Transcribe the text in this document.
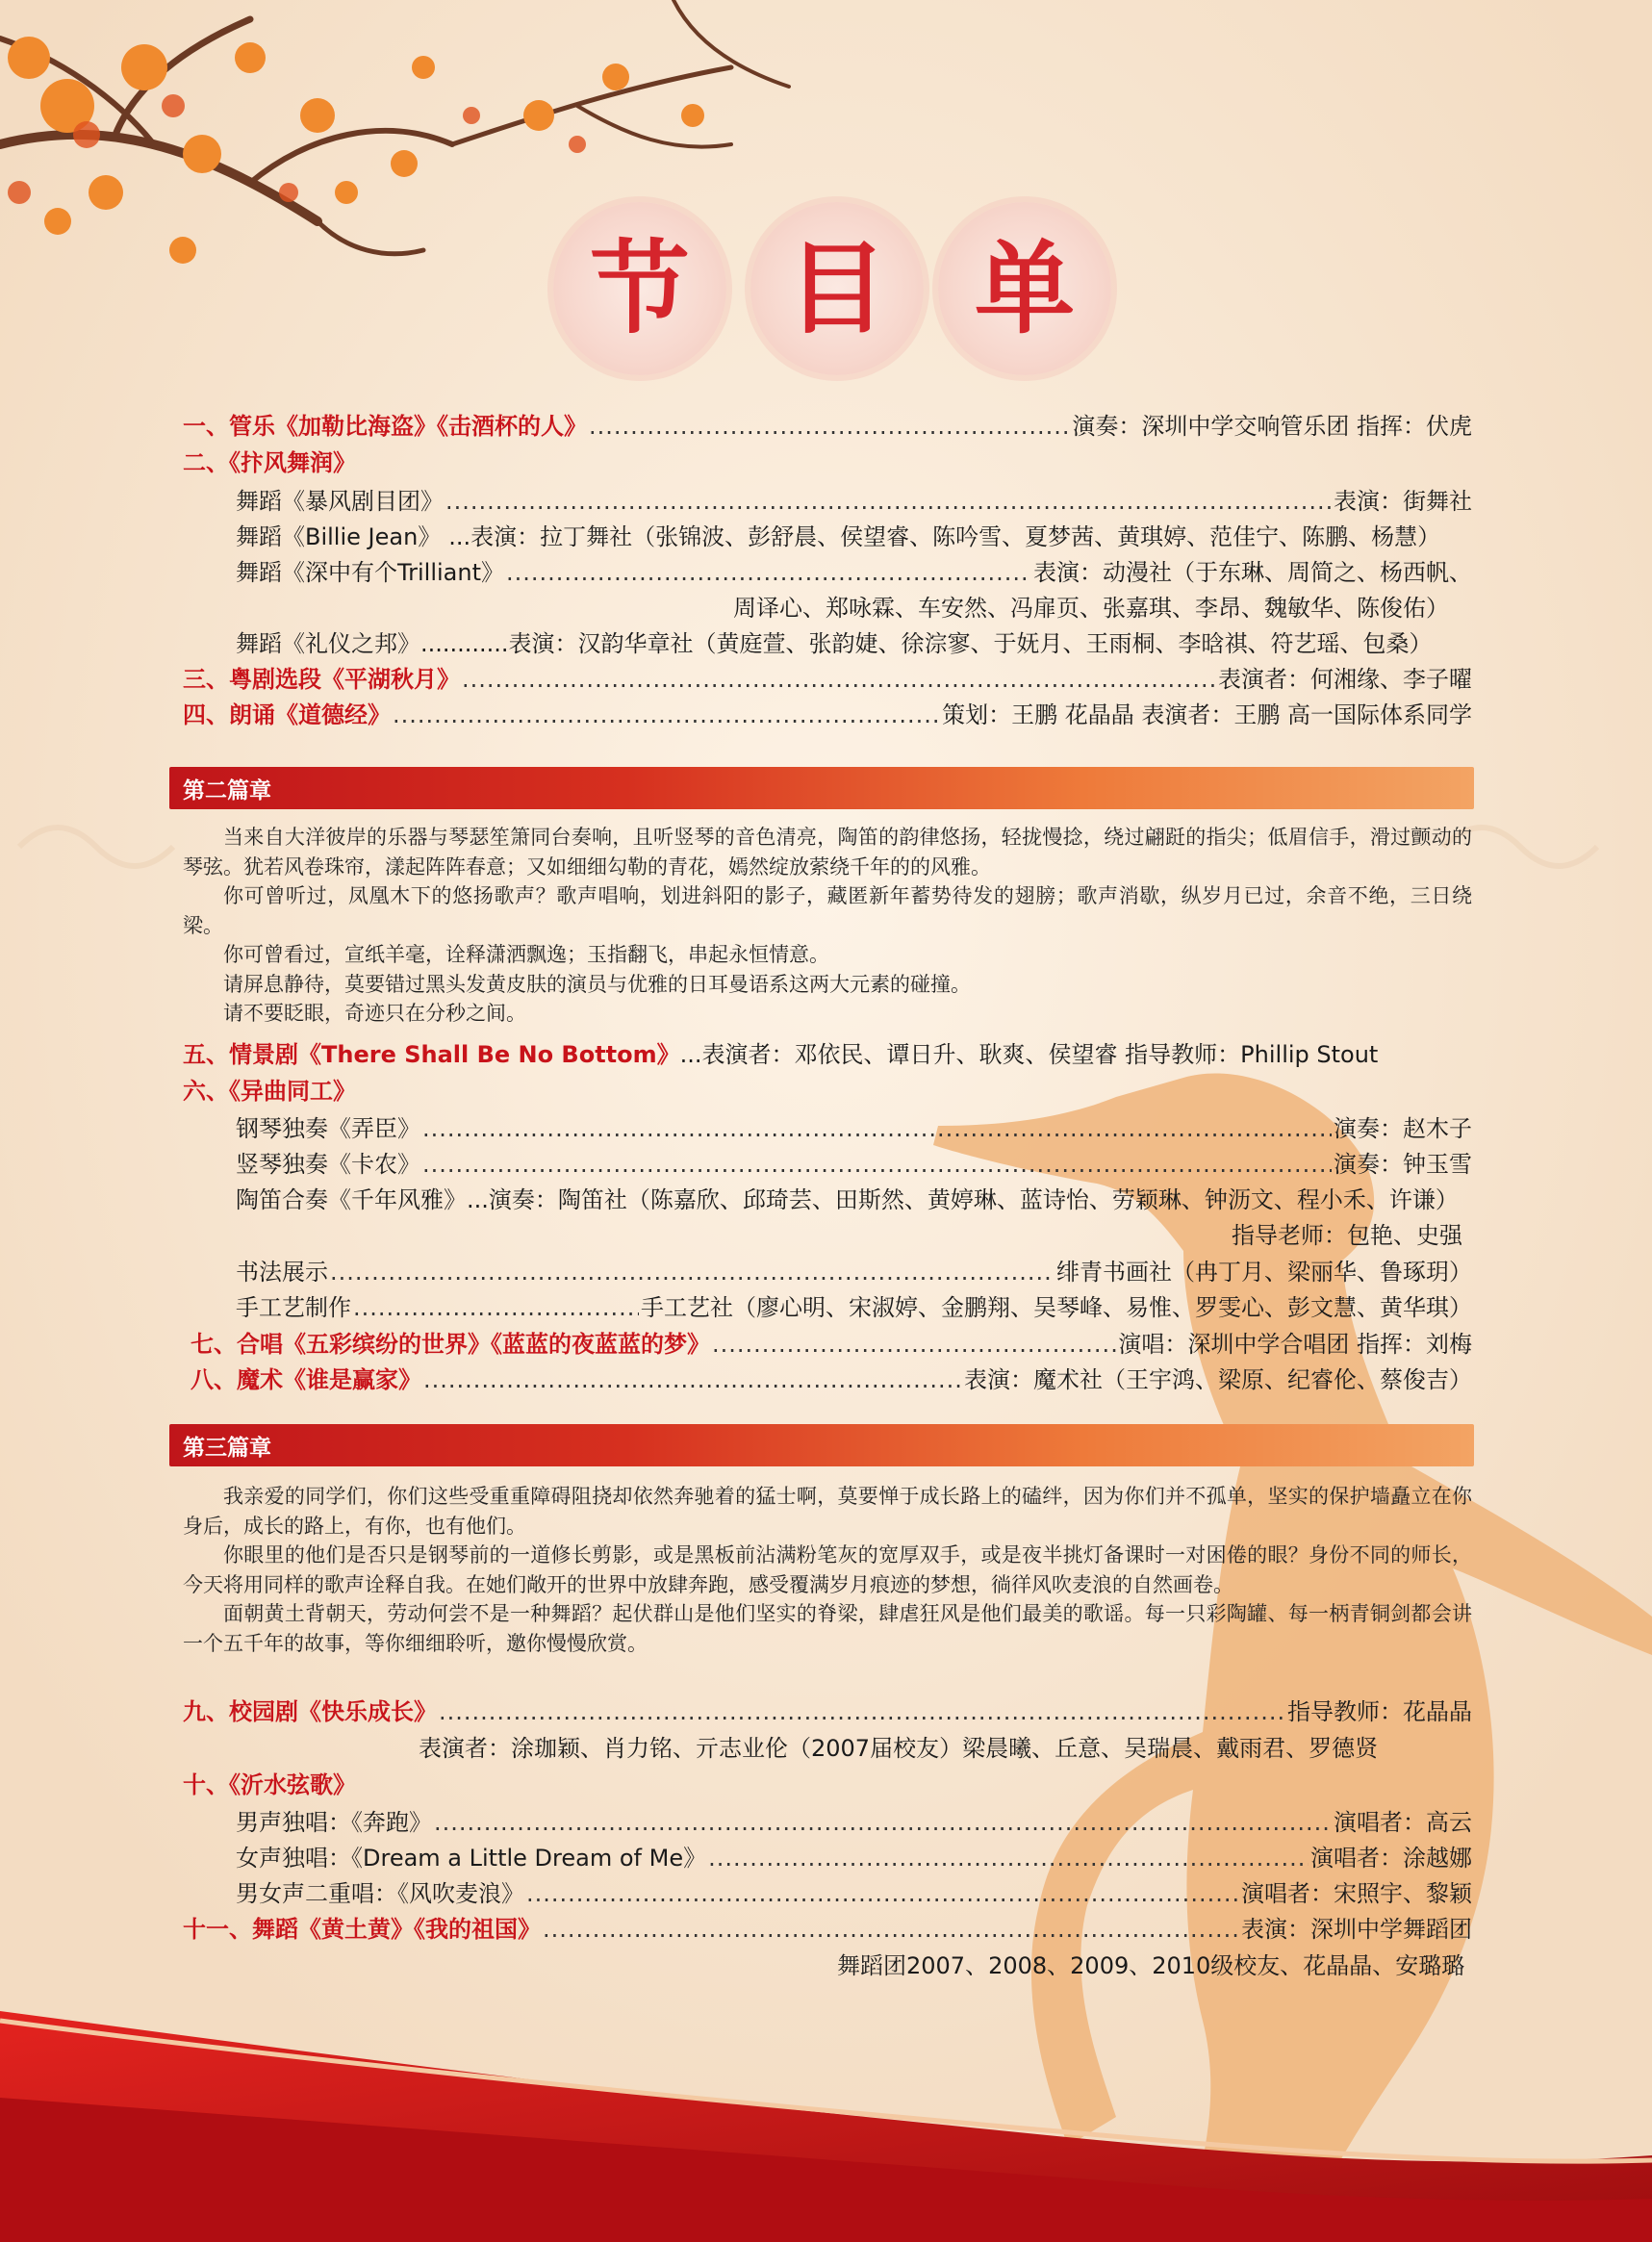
节 目 单
一、管乐《加勒比海盗》《击酒杯的人》 .....	演奏：深圳中学交响管乐团 指挥：伏虎
二、《抃风舞润》
舞蹈《暴风剧目团》 .....	表演：街舞社
舞蹈《Billie Jean》 ...表演：拉丁舞社（张锦波、彭舒晨、侯望睿、陈吟雪、夏梦茜、黄琪婷、范佳宁、陈鹏、杨慧）
舞蹈《深中有个Trilliant》 .....	表演：动漫社（于东琳、周简之、杨西帆、
周译心、郑咏霖、车安然、冯扉页、张嘉琪、李昂、魏敏华、陈俊佑）
舞蹈《礼仪之邦》 ............表演：汉韵华章社（黄庭萱、张韵婕、徐淙寥、于妩月、王雨桐、李晗祺、符艺瑶、包桑）
三、粤剧选段《平湖秋月》 .....	表演者：何湘缘、李子曜
四、朗诵《道德经》 .....	策划：王鹏 花晶晶 表演者：王鹏 高一国际体系同学
第二篇章

当来自大洋彼岸的乐器与琴瑟笙箫同台奏响，且听竖琴的音色清亮，陶笛的韵律悠扬，轻拢慢捻，绕过翩跹的指尖；低眉信手，滑过颤动的琴弦。犹若风卷珠帘，漾起阵阵春意；又如细细勾勒的青花，嫣然绽放萦绕千年的的风雅。

你可曾听过，凤凰木下的悠扬歌声？歌声唱响，划进斜阳的影子，藏匿新年蓄势待发的翅膀；歌声消歇，纵岁月已过，余音不绝，三日绕梁。

你可曾看过，宣纸羊毫，诠释潇洒飘逸；玉指翻飞，串起永恒情意。

请屏息静待，莫要错过黑头发黄皮肤的演员与优雅的日耳曼语系这两大元素的碰撞。

请不要眨眼，奇迹只在分秒之间。

五、情景剧《There Shall Be No Bottom》 ...表演者：邓依民、谭日升、耿爽、侯望睿 指导教师：Phillip Stout
六、《异曲同工》
钢琴独奏《弄臣》 .....	演奏：赵木子
竖琴独奏《卡农》 .....	演奏：钟玉雪
陶笛合奏《千年风雅》 ...演奏：陶笛社（陈嘉欣、邱琦芸、田斯然、黄婷琳、蓝诗怡、劳颖琳、钟沥文、程小禾、许谦）
指导老师：包艳、史强
书法展示 .....	绯青书画社（冉丁月、梁丽华、鲁琢玥）
手工艺制作 .....	手工艺社（廖心明、宋淑婷、金鹏翔、吴琴峰、易惟、罗雯心、彭文慧、黄华琪）
七、合唱《五彩缤纷的世界》《蓝蓝的夜蓝蓝的梦》 .....	演唱：深圳中学合唱团 指挥：刘梅
八、魔术《谁是赢家》 .....	表演：魔术社（王宇鸿、梁原、纪睿伦、蔡俊吉）
第三篇章

我亲爱的同学们，你们这些受重重障碍阻挠却依然奔驰着的猛士啊，莫要惮于成长路上的磕绊，因为你们并不孤单，坚实的保护墙矗立在你身后，成长的路上，有你，也有他们。

你眼里的他们是否只是钢琴前的一道修长剪影，或是黑板前沾满粉笔灰的宽厚双手，或是夜半挑灯备课时一对困倦的眼？身份不同的师长，今天将用同样的歌声诠释自我。在她们敞开的世界中放肆奔跑，感受覆满岁月痕迹的梦想，徜徉风吹麦浪的自然画卷。

面朝黄土背朝天，劳动何尝不是一种舞蹈？起伏群山是他们坚实的脊梁，肆虐狂风是他们最美的歌谣。每一只彩陶罐、每一柄青铜剑都会讲一个五千年的故事，等你细细聆听，邀你慢慢欣赏。

九、校园剧《快乐成长》 .....	指导教师：花晶晶
表演者：涂珈颖、肖力铭、亓志业伦（2007届校友）梁晨曦、丘意、吴瑞晨、戴雨君、罗德贤
十、《沂水弦歌》
男声独唱：《奔跑》 .....	演唱者：高云
女声独唱：《Dream a Little Dream of Me》 .....	演唱者：涂越娜
男女声二重唱：《风吹麦浪》 .....	演唱者：宋照宇、黎颖
十一、舞蹈《黄土黄》《我的祖国》 .....	表演：深圳中学舞蹈团
舞蹈团2007、2008、2009、2010级校友、花晶晶、安璐璐
